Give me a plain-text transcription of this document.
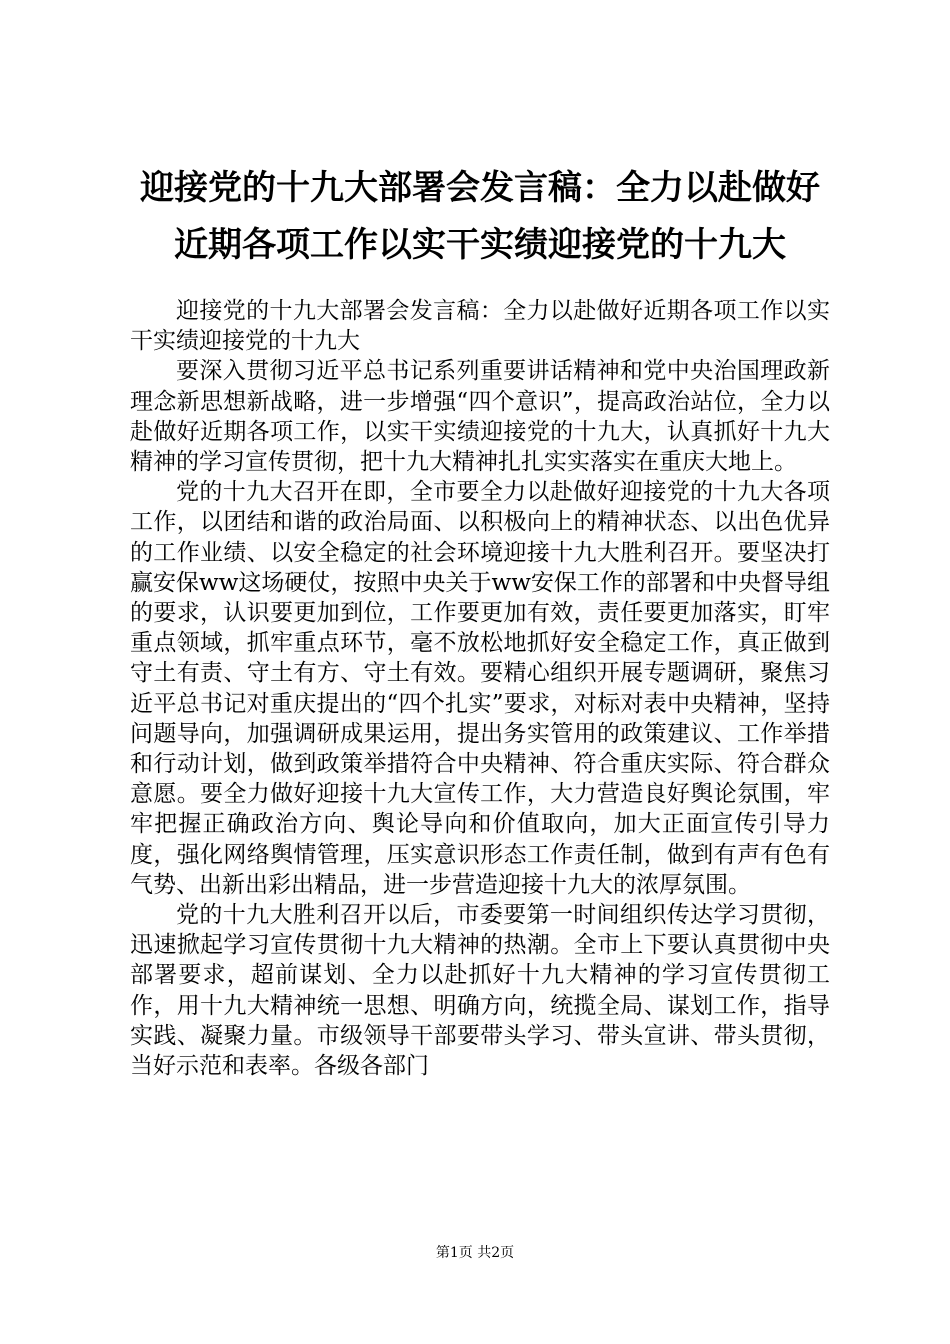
迎接党的十九大部署会发言稿：全力以赴做好
近期各项工作以实干实绩迎接党的十九大

迎接党的十九大部署会发言稿：全力以赴做好近期各项工作以实干实绩迎接党的十九大

要深入贯彻习近平总书记系列重要讲话精神和党中央治国理政新理念新思想新战略，进一步增强“四个意识”，提高政治站位，全力以赴做好近期各项工作，以实干实绩迎接党的十九大，认真抓好十九大精神的学习宣传贯彻，把十九大精神扎扎实实落实在重庆大地上。

党的十九大召开在即，全市要全力以赴做好迎接党的十九大各项工作，以团结和谐的政治局面、以积极向上的精神状态、以出色优异的工作业绩、以安全稳定的社会环境迎接十九大胜利召开。要坚决打赢安保ww这场硬仗，按照中央关于ww安保工作的部署和中央督导组的要求，认识要更加到位，工作要更加有效，责任要更加落实，盯牢重点领域，抓牢重点环节，毫不放松地抓好安全稳定工作，真正做到守土有责、守土有方、守土有效。要精心组织开展专题调研，聚焦习近平总书记对重庆提出的“四个扎实”要求，对标对表中央精神，坚持问题导向，加强调研成果运用，提出务实管用的政策建议、工作举措和行动计划，做到政策举措符合中央精神、符合重庆实际、符合群众意愿。要全力做好迎接十九大宣传工作，大力营造良好舆论氛围，牢牢把握正确政治方向、舆论导向和价值取向，加大正面宣传引导力度，强化网络舆情管理，压实意识形态工作责任制，做到有声有色有气势、出新出彩出精品，进一步营造迎接十九大的浓厚氛围。

党的十九大胜利召开以后，市委要第一时间组织传达学习贯彻，迅速掀起学习宣传贯彻十九大精神的热潮。全市上下要认真贯彻中央部署要求，超前谋划、全力以赴抓好十九大精神的学习宣传贯彻工作，用十九大精神统一思想、明确方向，统揽全局、谋划工作，指导实践、凝聚力量。市级领导干部要带头学习、带头宣讲、带头贯彻，当好示范和表率。各级各部门

第1页 共2页
